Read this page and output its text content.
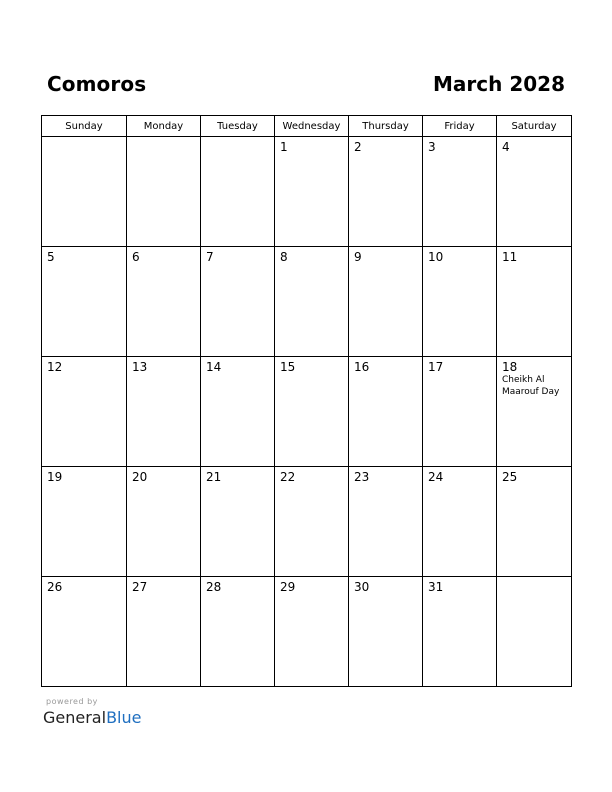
Comoros	March 2028
Sunday	Monday	Tuesday	Wednesday	Thursday	Friday	Saturday

			1	2	3	4

5	6	7	8	9	10	11

12	13	14	15	16	17	18
Cheikh Al Maarouf Day

19	20	21	22	23	24	25

26	27	28	29	30	31	

powered by
GeneralBlue
